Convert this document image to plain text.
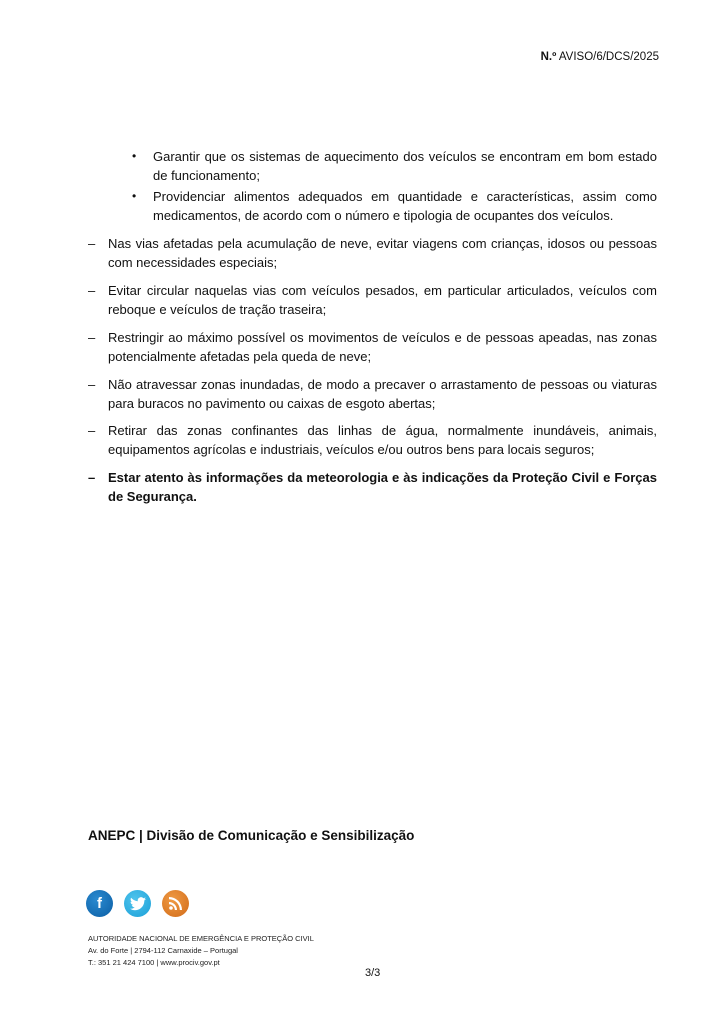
N.º AVISO/6/DCS/2025
• Garantir que os sistemas de aquecimento dos veículos se encontram em bom estado de funcionamento;
• Providenciar alimentos adequados em quantidade e características, assim como medicamentos, de acordo com o número e tipologia de ocupantes dos veículos.
– Nas vias afetadas pela acumulação de neve, evitar viagens com crianças, idosos ou pessoas com necessidades especiais;
– Evitar circular naquelas vias com veículos pesados, em particular articulados, veículos com reboque e veículos de tração traseira;
– Restringir ao máximo possível os movimentos de veículos e de pessoas apeadas, nas zonas potencialmente afetadas pela queda de neve;
– Não atravessar zonas inundadas, de modo a precaver o arrastamento de pessoas ou viaturas para buracos no pavimento ou caixas de esgoto abertas;
– Retirar das zonas confinantes das linhas de água, normalmente inundáveis, animais, equipamentos agrícolas e industriais, veículos e/ou outros bens para locais seguros;
– Estar atento às informações da meteorologia e às indicações da Proteção Civil e Forças de Segurança.
ANEPC | Divisão de Comunicação e Sensibilização
f
AUTORIDADE NACIONAL DE EMERGÊNCIA E PROTEÇÃO CIVIL
Av. do Forte | 2794-112 Carnaxide – Portugal
T.: 351 21 424 7100 | www.prociv.gov.pt
3/3
